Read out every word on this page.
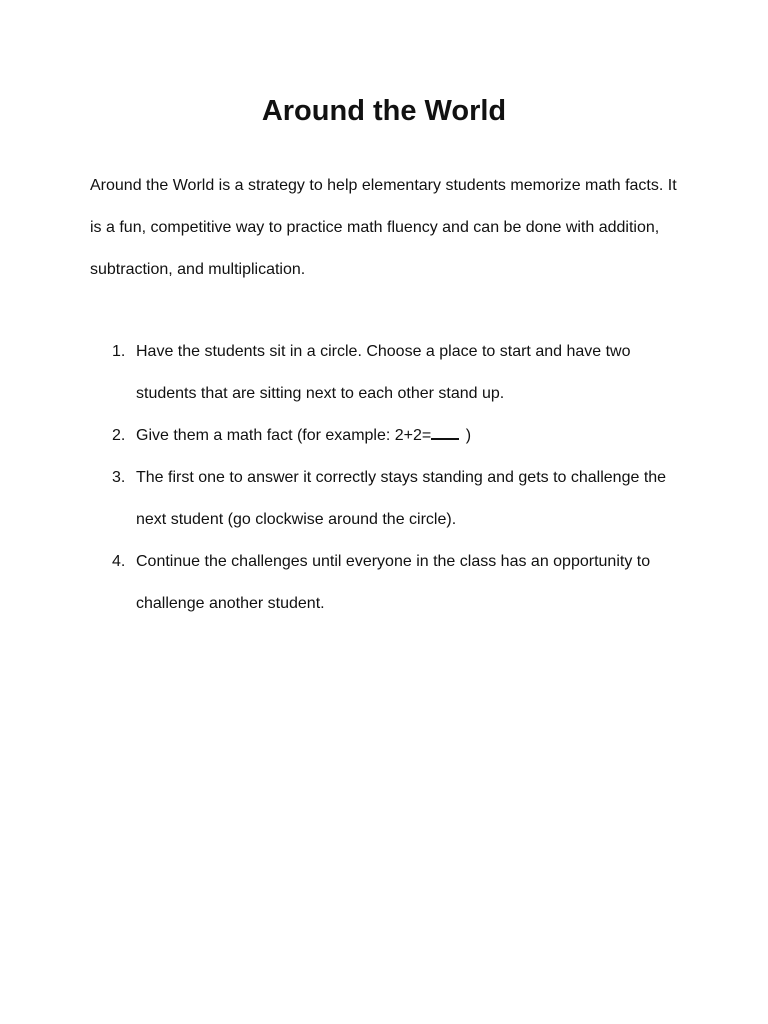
Around the World

Around the World is a strategy to help elementary students memorize math facts. It is a fun, competitive way to practice math fluency and can be done with addition, subtraction, and multiplication.

1. Have the students sit in a circle. Choose a place to start and have two students that are sitting next to each other stand up.
2. Give them a math fact (for example: 2+2= )
3. The first one to answer it correctly stays standing and gets to challenge the next student (go clockwise around the circle).
4. Continue the challenges until everyone in the class has an opportunity to challenge another student.
